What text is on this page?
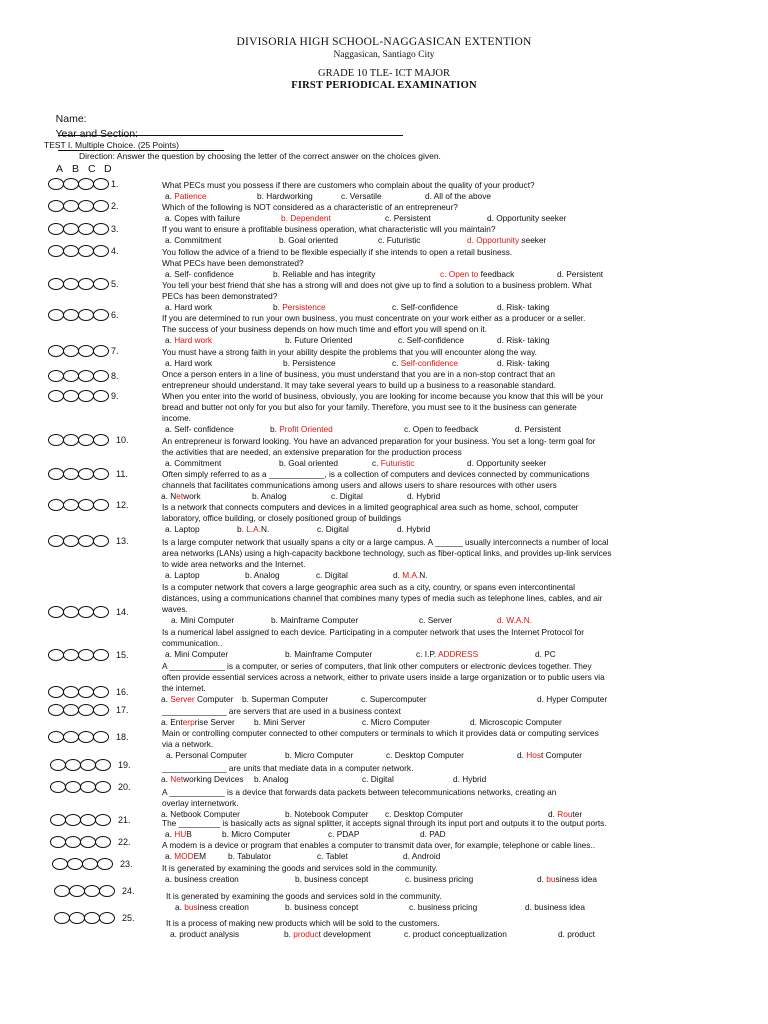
DIVISORIA HIGH SCHOOL-NAGGASICAN EXTENTION
Naggasican, Santiago City
GRADE 10 TLE- ICT MAJOR
FIRST PERIODICAL EXAMINATION

Name:

Year and Section:

TEST I. Multiple Choice. (25 Points)
Direction: Answer the question by choosing the letter of the correct answer on the choices given.
A B C D
1.	What PECs must you possess if there are customers who complain about the quality of your product?
a. Patience	b. Hardworking	c. Versatile	d. All of the above
2.	Which of the following is NOT considered as a characteristic of an entrepreneur?
a. Copes with failure	b. Dependent	c. Persistent	d. Opportunity seeker
3.	If you want to ensure a profitable business operation, what characteristic will you maintain?
a. Commitment	b. Goal oriented	c. Futuristic	d. Opportunity seeker
4.	You follow the advice of a friend to be flexible especially if she intends to open a retail business.
What PECs have been demonstrated?
a. Self- confidence	b. Reliable and has integrity	c. Open to feedback	d. Persistent
5.	You tell your best friend that she has a strong will and does not give up to find a solution to a business problem. What
PECs has been demonstrated?
a. Hard work	b. Persistence	c. Self-confidence	d. Risk- taking
6.	If you are determined to run your own business, you must concentrate on your work either as a producer or a seller.
The success of your business depends on how much time and effort you will spend on it.
a. Hard work	b. Future Oriented	c. Self-confidence	d. Risk- taking
7.	You must have a strong faith in your ability despite the problems that you will encounter along the way.
a. Hard work	b. Persistence	c. Self-confidence	d. Risk- taking
8.	Once a person enters in a line of business, you must understand that you are in a non-stop contract that an
entrepreneur should understand. It may take several years to build up a business to a reasonable standard.
9.	When you enter into the world of business, obviously, you are looking for income because you know that this will be your
bread and butter not only for you but also for your family. Therefore, you must see to it the business can generate
income.
a. Self- confidence	b. Profit Oriented	c. Open to feedback	d. Persistent
10.	An entrepreneur is forward looking. You have an advanced preparation for your business. You set a long- term goal for
the activities that are needed, an extensive preparation for the production process
a. Commitment	b. Goal oriented	c. Futuristic	d. Opportunity seeker
11.	Often simply referred to as a ____________, is a collection of computers and devices connected by communications
channels that facilitates communications among users and allows users to share resources with other users
a. Network	b. Analog	c. Digital	d. Hybrid
12.	Is a network that connects computers and devices in a limited geographical area such as home, school, computer
laboratory, office building, or closely positioned group of buildings
a. Laptop	b. L.A.N.	c. Digital	d. Hybrid
13.	Is a large computer network that usually spans a city or a large campus. A ______ usually interconnects a number of local
area networks (LANs) using a high-capacity backbone technology, such as fiber-optical links, and provides up-link services
to wide area networks and the Internet.
a. Laptop	b. Analog	c. Digital	d. M.A.N.
14.
Is a computer network that covers a large geographic area such as a city, country, or spans even intercontinental
distances, using a communications channel that combines many types of media such as telephone lines, cables, and air
waves.
a. Mini Computer	b. Mainframe Computer	c. Server	d. W.A.N.
15.
Is a numerical label assigned to each device. Participating in a computer network that uses the Internet Protocol for
communication..
a. Mini Computer	b. Mainframe Computer	c. I.P. ADDRESS	d. PC
16.
A ____________ is a computer, or series of computers, that link other computers or electronic devices together. They
often provide essential services across a network, either to private users inside a large organization or to public users via
the internet.
a. Server Computer b. Superman Computer	c. Supercomputer	d. Hyper Computer
17.	______________ are servers that are used in a business context
a. Enterprise Server b. Mini Server	c. Micro Computer	d. Microscopic Computer
18.	Main or controlling computer connected to other computers or terminals to which it provides data or computing services
via a network.
a. Personal Computer	b. Micro Computer	c. Desktop Computer	d. Host Computer
19.	______________ are units that mediate data in a computer network.
a. Networking Devices b. Analog	c. Digital	d. Hybrid
20.	A ____________ is a device that forwards data packets between telecommunications networks, creating an
overlay internetwork.
a. Netbook Computer	b. Notebook Computer c. Desktop Computer	d. Router
21.	The _________ is basically acts as signal splitter, it accepts signal through its input port and outputs it to the output ports.
a. HUB	b. Micro Computer	c. PDAP	d. PAD
22.	A modem is a device or program that enables a computer to transmit data over, for example, telephone or cable lines..
a. MODEM	b. Tabulator	c. Tablet	d. Android
23.	It is generated by examining the goods and services sold in the community.
a. business creation	b. business concept	c. business pricing	d. business idea
24.	It is generated by examining the goods and services sold in the community.
a. business creation	b. business concept	c. business pricing	d. business idea
25.	It is a process of making new products which will be sold to the customers.
a. product analysis	b. product development	c. product conceptualization	d. product
